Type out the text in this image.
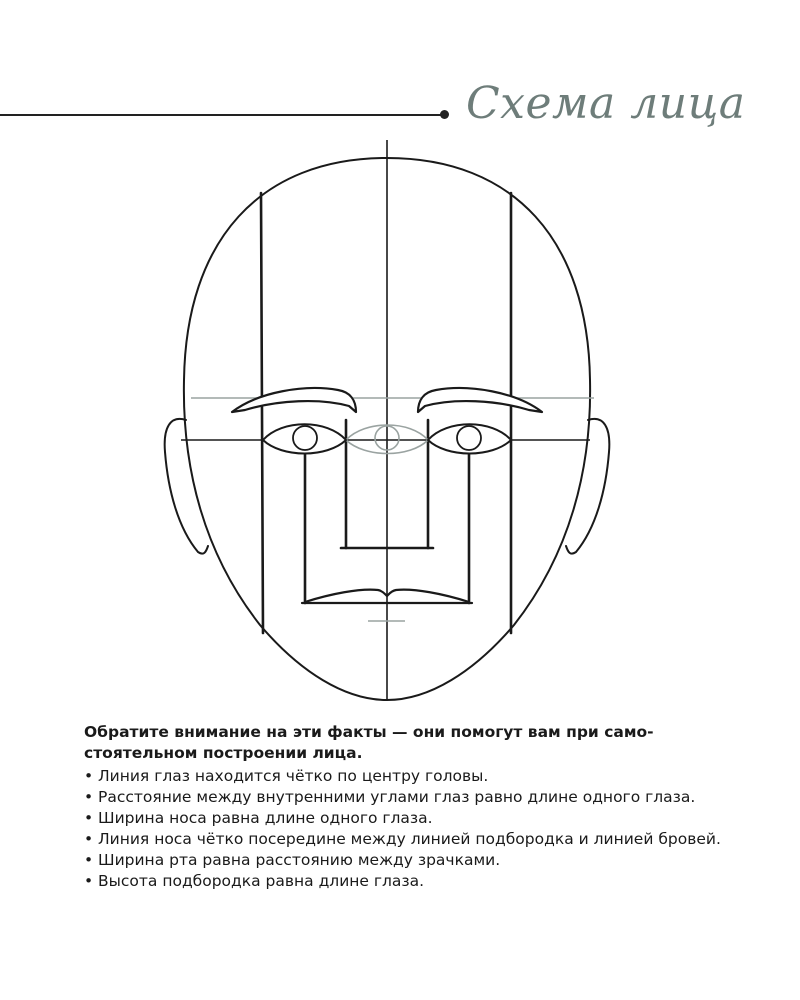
Схема лица

Обратите внимание на эти факты — они помогут вам при само-
стоятельном построении лица.

• Линия глаз находится чётко по центру головы.
• Расстояние между внутренними углами глаз равно длине одного глаза.
• Ширина носа равна длине одного глаза.
• Линия носа чётко посередине между линией подбородка и линией бровей.
• Ширина рта равна расстоянию между зрачками.
• Высота подбородка равна длине глаза.
